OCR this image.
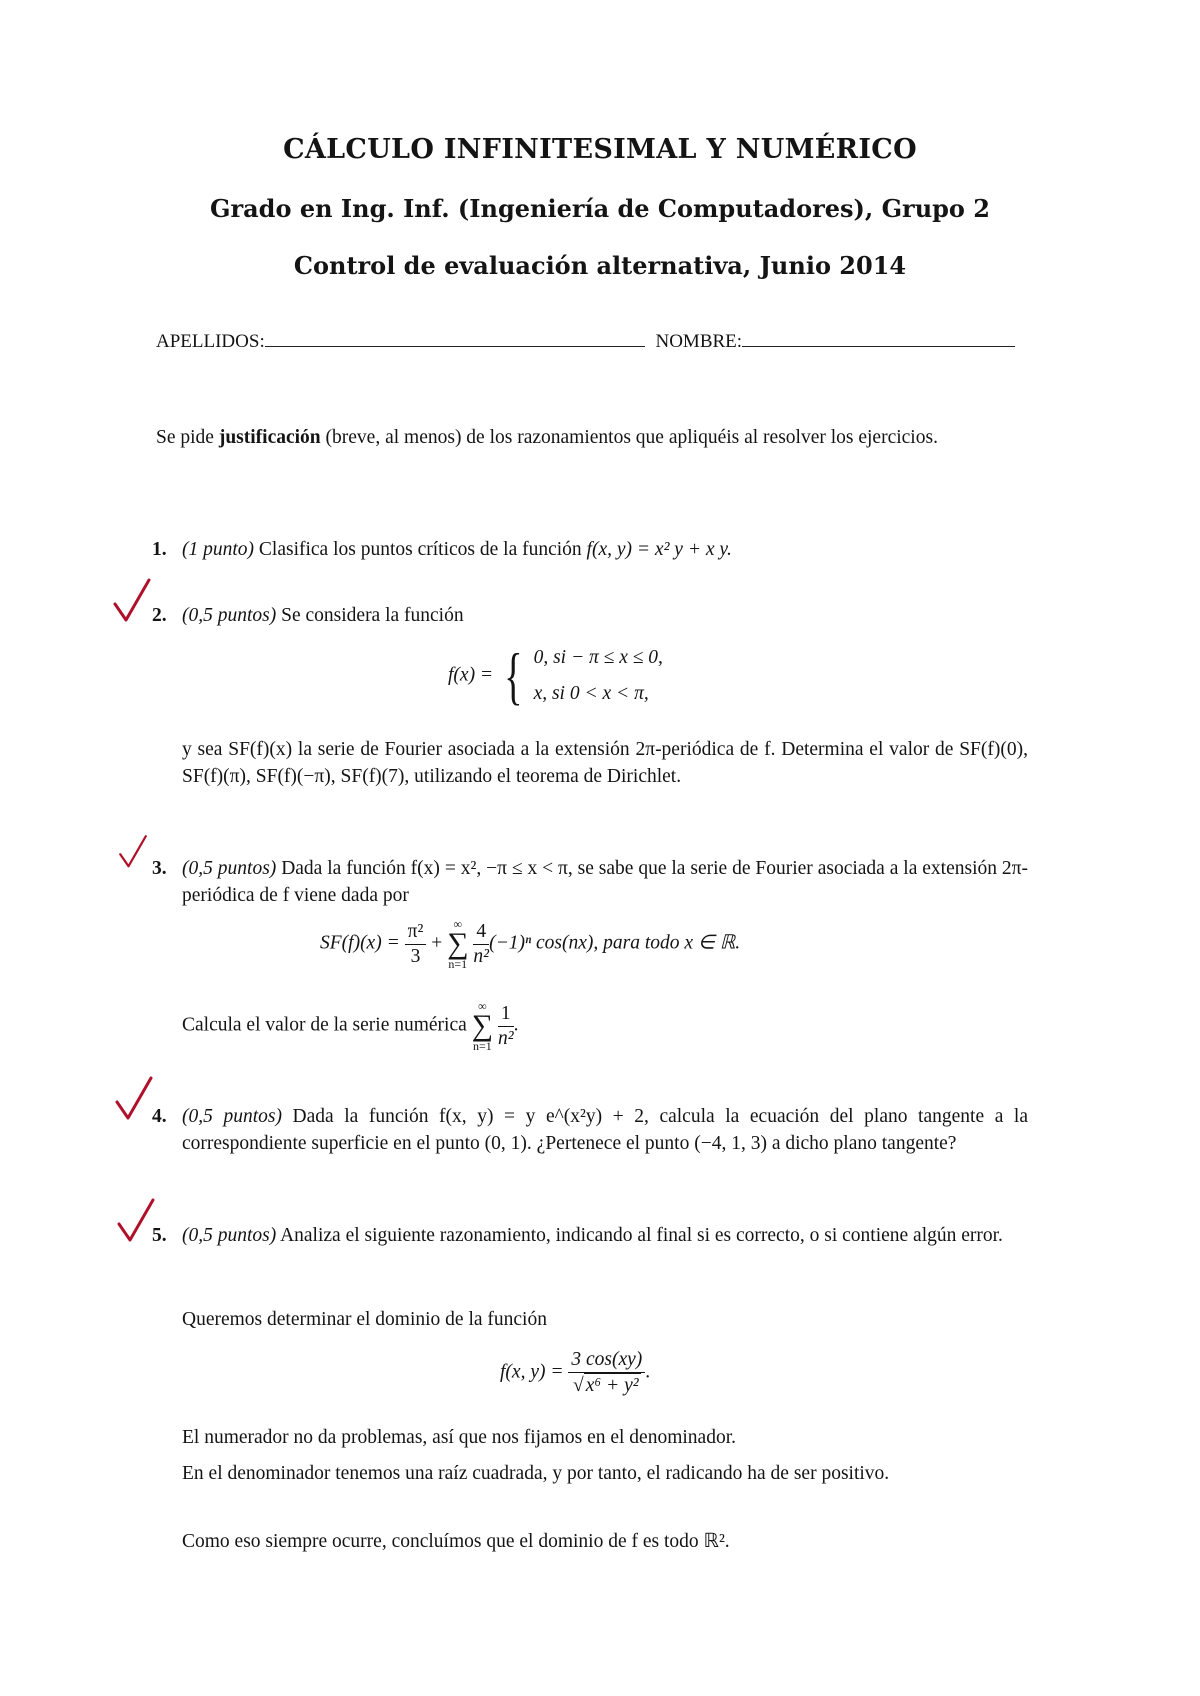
CÁLCULO INFINITESIMAL Y NUMÉRICO
Grado en Ing. Inf. (Ingeniería de Computadores), Grupo 2
Control de evaluación alternativa, Junio 2014
APELLIDOS:	NOMBRE:
Se pide justificación (breve, al menos) de los razonamientos que apliquéis al resolver los ejercicios.
1. (1 punto) Clasifica los puntos críticos de la función f(x, y) = x² y + x y.
2. (0,5 puntos) Se considera la función
f(x) = { 0, si − π ≤ x ≤ 0,
x, si 0 < x < π,
y sea SF(f)(x) la serie de Fourier asociada a la extensión 2π-periódica de f. Determina el valor de SF(f)(0), SF(f)(π), SF(f)(−π), SF(f)(7), utilizando el teorema de Dirichlet.
3. (0,5 puntos) Dada la función f(x) = x², −π ≤ x < π, se sabe que la serie de Fourier asociada a la extensión 2π-periódica de f viene dada por
$SF(f)(x) = \frac{\text{π²}}{3}$ +
∞
∑
n=1
$\frac{4}{\text{n²}} (-1)^n$ cos(nx), para todo x ∈ ℝ.
Calcula el valor de la serie numérica
∞
∑
n=1
$\frac{1}{\text{n²}}$ .
4. (0,5 puntos) Dada la función f(x, y) = y e^(x²y) + 2, calcula la ecuación del plano tangente a la correspondiente superficie en el punto (0, 1). ¿Pertenece el punto (−4, 1, 3) a dicho plano tangente?
5. (0,5 puntos) Analiza el siguiente razonamiento, indicando al final si es correcto, o si contiene algún error.
Queremos determinar el dominio de la función
f(x, $y) = \frac{3 \cos(xy)}{\text{√ x⁶ + y²}}$ .
El numerador no da problemas, así que nos fijamos en el denominador.
En el denominador tenemos una raíz cuadrada, y por tanto, el radicando ha de ser positivo.
Como eso siempre ocurre, concluímos que el dominio de f es todo ℝ².
